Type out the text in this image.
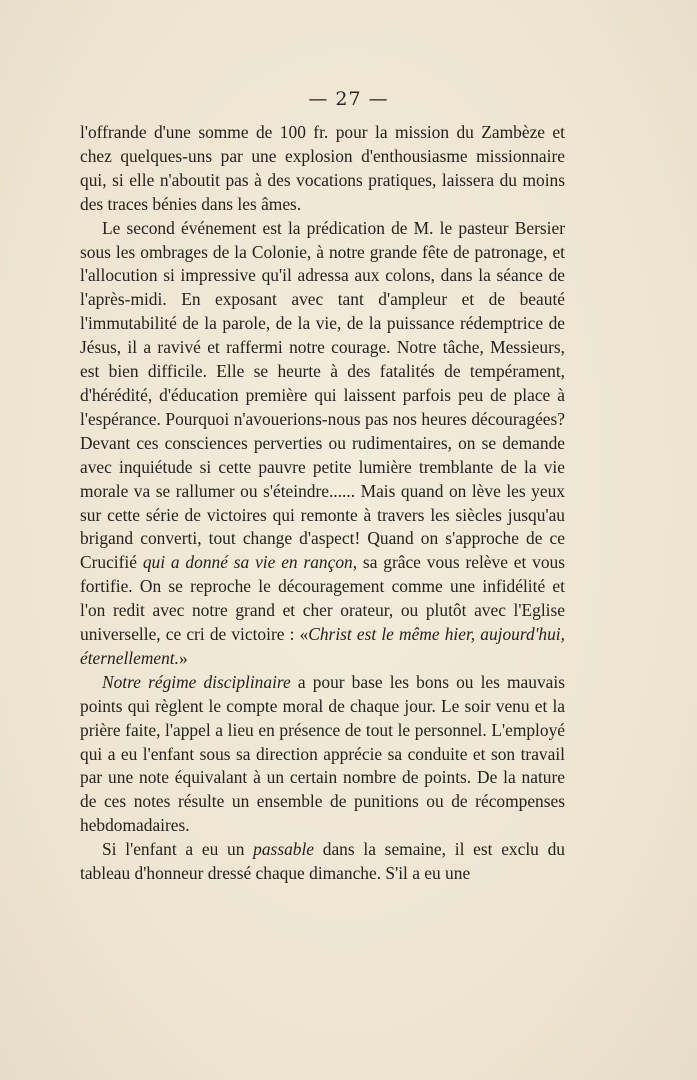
— 27 —

l'offrande d'une somme de 100 fr. pour la mission du Zambèze et chez quelques-uns par une explosion d'enthousiasme missionnaire qui, si elle n'aboutit pas à des vocations pratiques, laissera du moins des traces bénies dans les âmes.

Le second événement est la prédication de M. le pasteur Bersier sous les ombrages de la Colonie, à notre grande fête de patronage, et l'allocution si impressive qu'il adressa aux colons, dans la séance de l'après-midi. En exposant avec tant d'ampleur et de beauté l'immutabilité de la parole, de la vie, de la puissance rédemptrice de Jésus, il a ravivé et raffermi notre courage. Notre tâche, Messieurs, est bien difficile. Elle se heurte à des fatalités de tempérament, d'hérédité, d'éducation première qui laissent parfois peu de place à l'espérance. Pourquoi n'avouerions-nous pas nos heures découragées? Devant ces consciences perverties ou rudimentaires, on se demande avec inquiétude si cette pauvre petite lumière tremblante de la vie morale va se rallumer ou s'éteindre...... Mais quand on lève les yeux sur cette série de victoires qui remonte à travers les siècles jusqu'au brigand converti, tout change d'aspect! Quand on s'approche de ce Crucifié qui a donné sa vie en rançon, sa grâce vous relève et vous fortifie. On se reproche le découragement comme une infidélité et l'on redit avec notre grand et cher orateur, ou plutôt avec l'Eglise universelle, ce cri de victoire : «Christ est le même hier, aujourd'hui, éternellement.»

Notre régime disciplinaire a pour base les bons ou les mauvais points qui règlent le compte moral de chaque jour. Le soir venu et la prière faite, l'appel a lieu en présence de tout le personnel. L'employé qui a eu l'enfant sous sa direction apprécie sa conduite et son travail par une note équivalant à un certain nombre de points. De la nature de ces notes résulte un ensemble de punitions ou de récompenses hebdomadaires.

Si l'enfant a eu un passable dans la semaine, il est exclu du tableau d'honneur dressé chaque dimanche. S'il a eu une
